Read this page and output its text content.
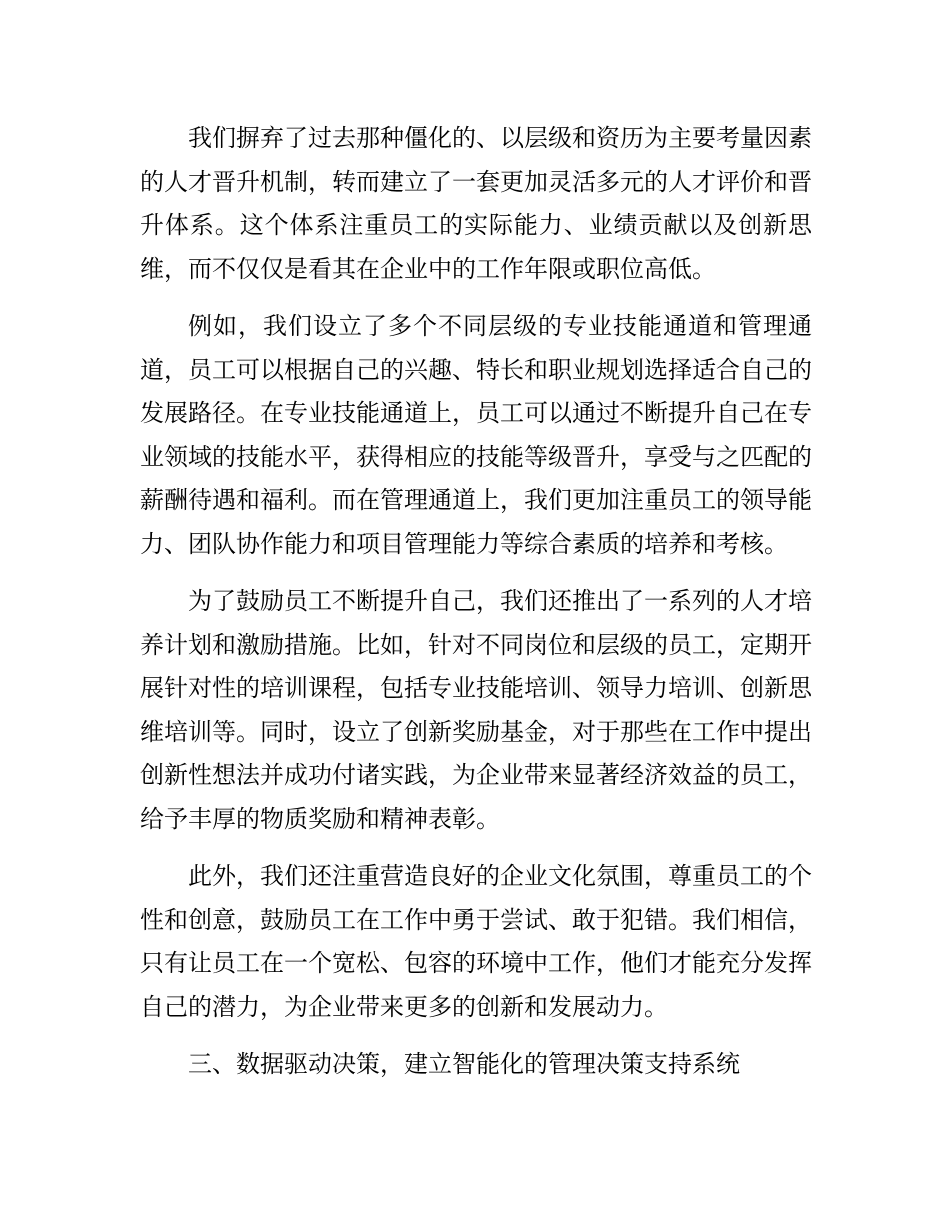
我们摒弃了过去那种僵化的、以层级和资历为主要考量因素的人才晋升机制，转而建立了一套更加灵活多元的人才评价和晋升体系。这个体系注重员工的实际能力、业绩贡献以及创新思维，而不仅仅是看其在企业中的工作年限或职位高低。

例如，我们设立了多个不同层级的专业技能通道和管理通道，员工可以根据自己的兴趣、特长和职业规划选择适合自己的发展路径。在专业技能通道上，员工可以通过不断提升自己在专业领域的技能水平，获得相应的技能等级晋升，享受与之匹配的薪酬待遇和福利。而在管理通道上，我们更加注重员工的领导能力、团队协作能力和项目管理能力等综合素质的培养和考核。

为了鼓励员工不断提升自己，我们还推出了一系列的人才培养计划和激励措施。比如，针对不同岗位和层级的员工，定期开展针对性的培训课程，包括专业技能培训、领导力培训、创新思维培训等。同时，设立了创新奖励基金，对于那些在工作中提出创新性想法并成功付诸实践，为企业带来显著经济效益的员工，给予丰厚的物质奖励和精神表彰。

此外，我们还注重营造良好的企业文化氛围，尊重员工的个性和创意，鼓励员工在工作中勇于尝试、敢于犯错。我们相信，只有让员工在一个宽松、包容的环境中工作，他们才能充分发挥自己的潜力，为企业带来更多的创新和发展动力。

三、数据驱动决策，建立智能化的管理决策支持系统
